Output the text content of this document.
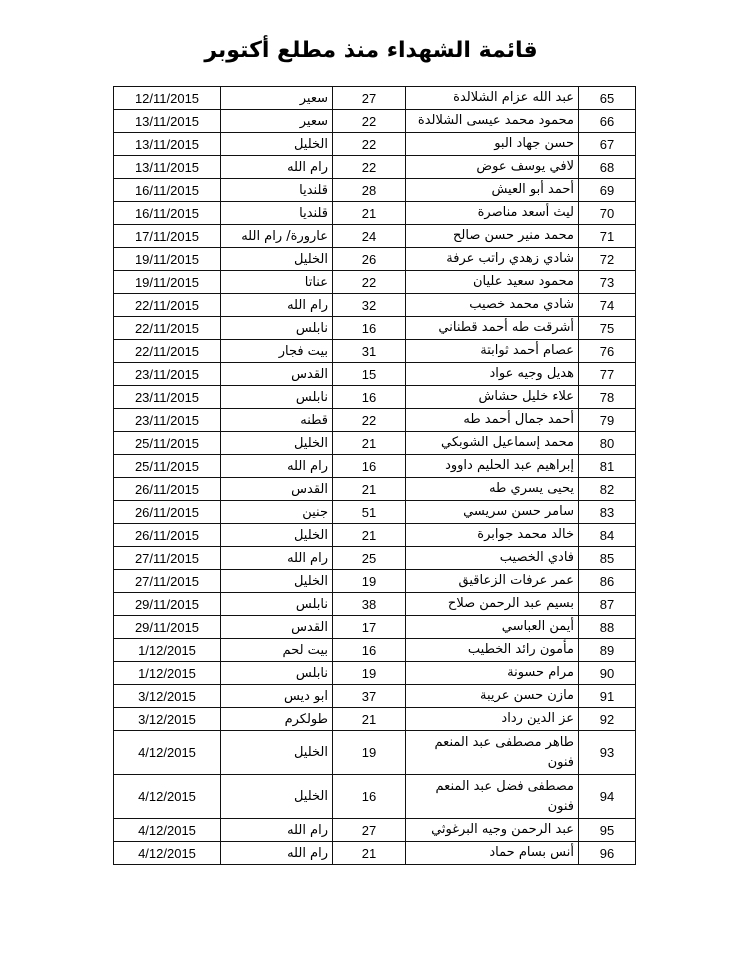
قائمة الشهداء منذ مطلع أكتوبر
12/11/2015	سعير	27	عبد الله عزام الشلالدة	65
13/11/2015	سعير	22	محمود محمد عيسى الشلالدة	66
13/11/2015	الخليل	22	حسن جهاد البو	67
13/11/2015	رام الله	22	لافي يوسف عوض	68
16/11/2015	قلنديا	28	أحمد أبو العيش	69
16/11/2015	قلنديا	21	ليث أسعد مناصرة	70
17/11/2015	عارورة/ رام الله	24	محمد منير حسن صالح	71
19/11/2015	الخليل	26	شادي زهدي راتب عرفة	72
19/11/2015	عناتا	22	محمود سعيد عليان	73
22/11/2015	رام الله	32	شادي محمد خصيب	74
22/11/2015	نابلس	16	أشرقت طه أحمد قطناني	75
22/11/2015	بيت فجار	31	عصام أحمد ثوابتة	76
23/11/2015	القدس	15	هديل وجيه عواد	77
23/11/2015	نابلس	16	علاء خليل حشاش	78
23/11/2015	قطنه	22	أحمد جمال أحمد طه	79
25/11/2015	الخليل	21	محمد إسماعيل الشوبكي	80
25/11/2015	رام الله	16	إبراهيم عبد الحليم داوود	81
26/11/2015	القدس	21	يحيى يسري طه	82
26/11/2015	جنين	51	سامر حسن سريسي	83
26/11/2015	الخليل	21	خالد محمد جوابرة	84
27/11/2015	رام الله	25	فادي الخصيب	85
27/11/2015	الخليل	19	عمر عرفات الزعاقيق	86
29/11/2015	نابلس	38	بسيم عبد الرحمن صلاح	87
29/11/2015	القدس	17	أيمن العباسي	88
1/12/2015	بيت لحم	16	مأمون رائد الخطيب	89
1/12/2015	نابلس	19	مرام حسونة	90
3/12/2015	ابو ديس	37	مازن حسن عريبة	91
3/12/2015	طولكرم	21	عز الدين رداد	92
4/12/2015	الخليل	19	طاهر مصطفى عبد المنعم فنون	93
4/12/2015	الخليل	16	مصطفى فضل عبد المنعم فنون	94
4/12/2015	رام الله	27	عبد الرحمن وجيه البرغوثي	95
4/12/2015	رام الله	21	أنس بسام حماد	96
